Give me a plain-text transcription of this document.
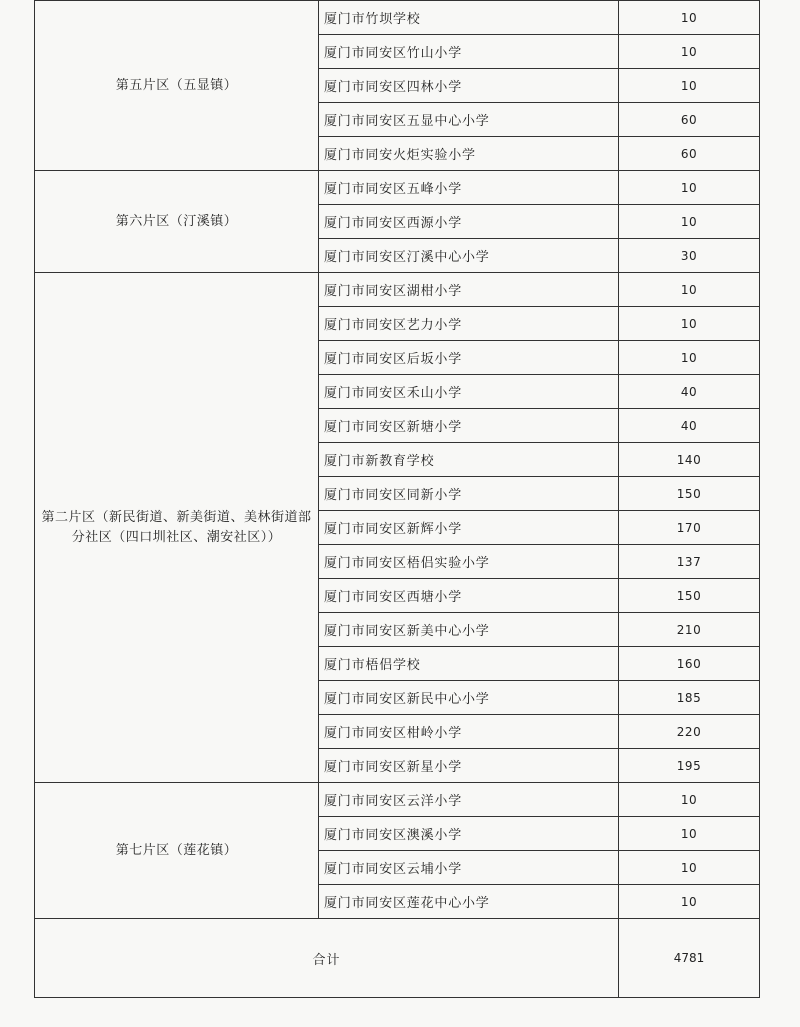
第五片区（五显镇）	厦门市竹坝学校	10
	厦门市同安区竹山小学	10
	厦门市同安区四林小学	10
	厦门市同安区五显中心小学	60
	厦门市同安火炬实验小学	60
第六片区（汀溪镇）	厦门市同安区五峰小学	10
	厦门市同安区西源小学	10
	厦门市同安区汀溪中心小学	30
第二片区（新民街道、新美街道、美林街道部分社区（四口圳社区、潮安社区））	厦门市同安区湖柑小学	10
	厦门市同安区艺力小学	10
	厦门市同安区后坂小学	10
	厦门市同安区禾山小学	40
	厦门市同安区新塘小学	40
	厦门市新教育学校	140
	厦门市同安区同新小学	150
	厦门市同安区新辉小学	170
	厦门市同安区梧侣实验小学	137
	厦门市同安区西塘小学	150
	厦门市同安区新美中心小学	210
	厦门市梧侣学校	160
	厦门市同安区新民中心小学	185
	厦门市同安区柑岭小学	220
	厦门市同安区新星小学	195
第七片区（莲花镇）	厦门市同安区云洋小学	10
	厦门市同安区澳溪小学	10
	厦门市同安区云埔小学	10
	厦门市同安区莲花中心小学	10
合计		4781
